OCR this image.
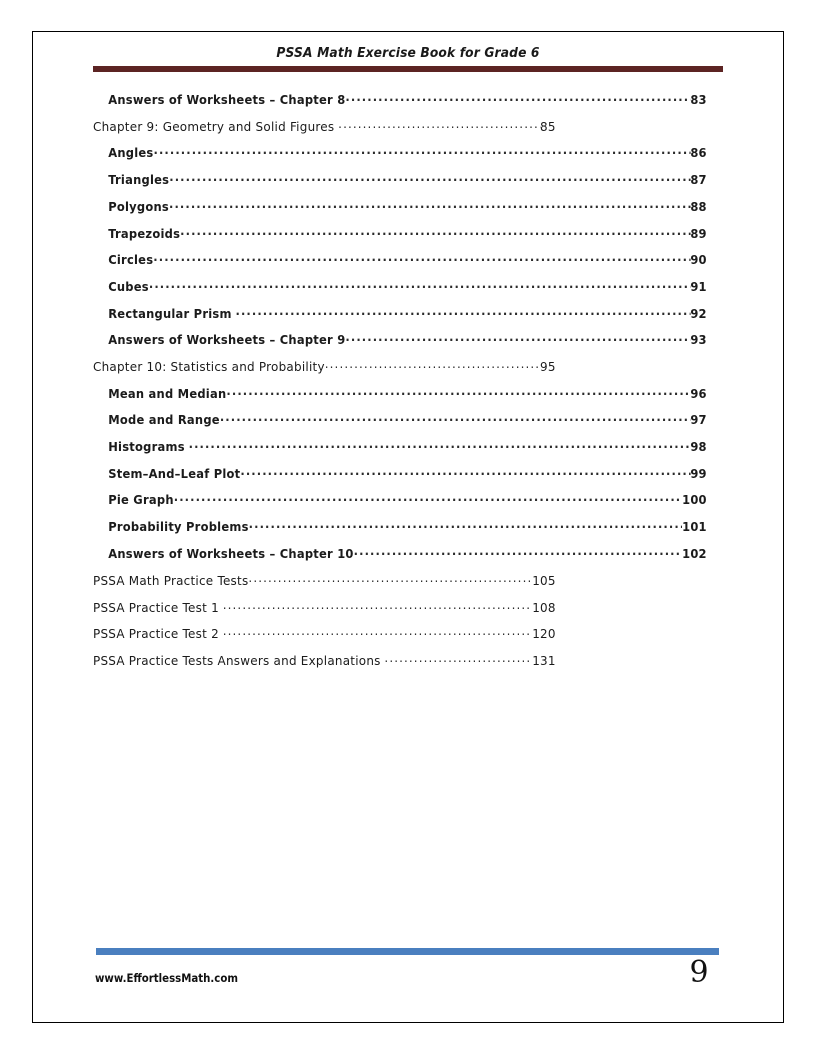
PSSA Math Exercise Book for Grade 6
Answers of Worksheets – Chapter 8 .....	83
Chapter 9: Geometry and Solid Figures .....	85
Angles .....	86
Triangles .....	87
Polygons .....	88
Trapezoids .....	89
Circles .....	90
Cubes .....	91
Rectangular Prism .....	92
Answers of Worksheets – Chapter 9 .....	93
Chapter 10: Statistics and Probability .....	95
Mean and Median .....	96
Mode and Range .....	97
Histograms .....	98
Stem–And–Leaf Plot .....	99
Pie Graph .....	100
Probability Problems .....	101
Answers of Worksheets – Chapter 10 .....	102
PSSA Math Practice Tests .....	105
PSSA Practice Test 1 .....	108
PSSA Practice Test 2 .....	120
PSSA Practice Tests Answers and Explanations .....	131
www.EffortlessMath.com	9
